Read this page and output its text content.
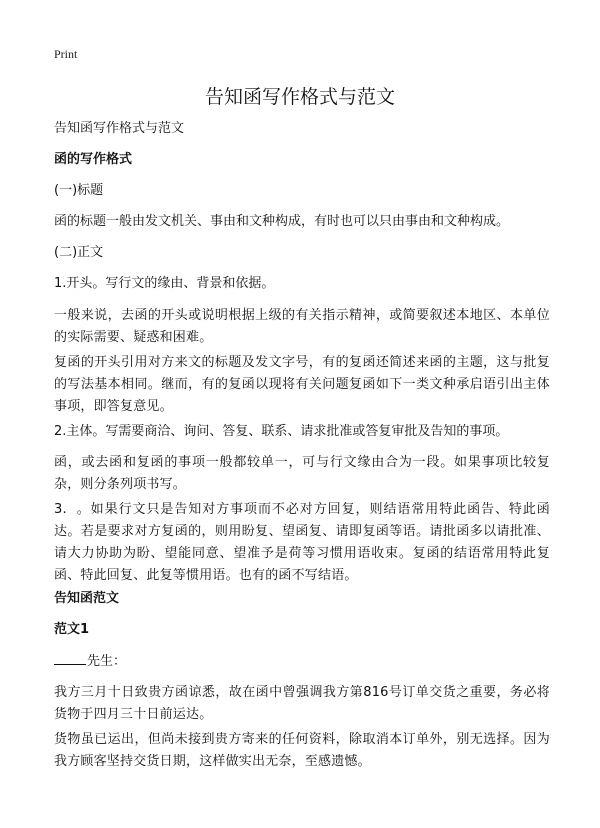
Print
告知函写作格式与范文
告知函写作格式与范文
函的写作格式
(一)标题
函的标题一般由发文机关、事由和文种构成，有时也可以只由事由和文种构成。
(二)正文
1.开头。写行文的缘由、背景和依据。
一般来说，去函的开头或说明根据上级的有关指示精神，或简要叙述本地区、本单位的实际需要、疑惑和困难。
复函的开头引用对方来文的标题及发文字号，有的复函还简述来函的主题，这与批复的写法基本相同。继而，有的复函以现将有关问题复函如下一类文种承启语引出主体事项，即答复意见。
2.主体。写需要商洽、询问、答复、联系、请求批准或答复审批及告知的事项。
函，或去函和复函的事项一般都较单一，可与行文缘由合为一段。如果事项比较复杂，则分条列项书写。
3. 。如果行文只是告知对方事项而不必对方回复，则结语常用特此函告、特此函达。若是要求对方复函的，则用盼复、望函复、请即复函等语。请批函多以请批准、请大力协助为盼、望能同意、望准予是荷等习惯用语收束。复函的结语常用特此复函、特此回复、此复等惯用语。也有的函不写结语。
告知函范文
范文1
先生：
我方三月十日致贵方函谅悉，故在函中曾强调我方第816号订单交货之重要，务必将货物于四月三十日前运达。
货物虽已运出，但尚未接到贵方寄来的任何资料，除取消本订单外，别无选择。因为我方顾客坚持交货日期，这样做实出无奈，至感遗憾。
